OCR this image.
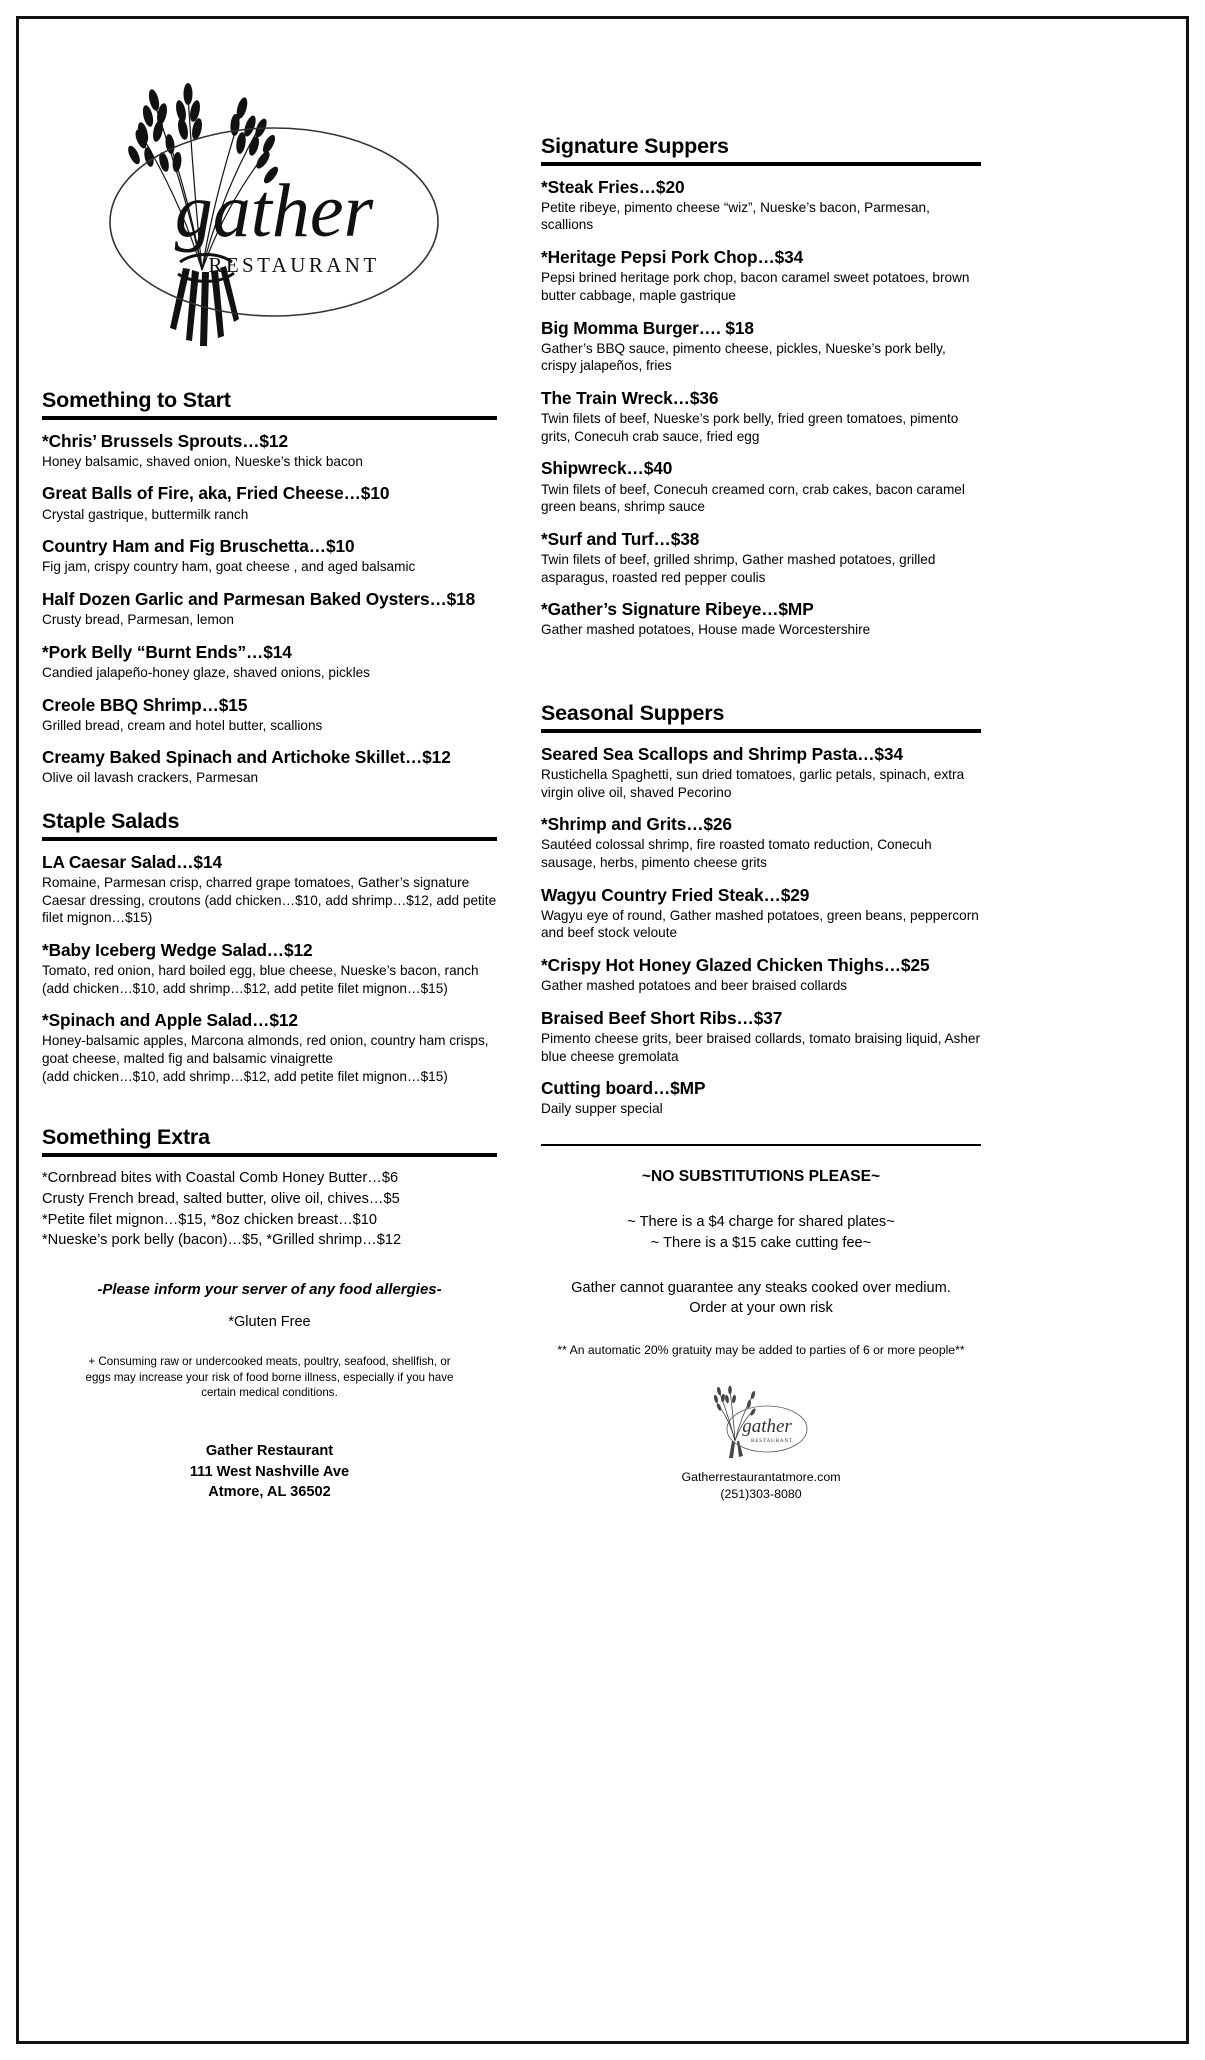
gather
RESTAURANT
Something to Start
*Chris’ Brussels Sprouts…$12
Honey balsamic, shaved onion, Nueske’s thick bacon
Great Balls of Fire, aka, Fried Cheese…$10
Crystal gastrique, buttermilk ranch
Country Ham and Fig Bruschetta…$10
Fig jam, crispy country ham, goat cheese , and aged balsamic
Half Dozen Garlic and Parmesan Baked Oysters…$18
Crusty bread, Parmesan, lemon
*Pork Belly “Burnt Ends”…$14
Candied jalapeño-honey glaze, shaved onions, pickles
Creole BBQ Shrimp…$15
Grilled bread, cream and hotel butter, scallions
Creamy Baked Spinach and Artichoke Skillet…$12
Olive oil lavash crackers, Parmesan
Staple Salads
LA Caesar Salad…$14
Romaine, Parmesan crisp, charred grape tomatoes, Gather’s signature Caesar dressing, croutons (add chicken…$10, add shrimp…$12, add petite filet mignon…$15)
*Baby Iceberg Wedge Salad…$12
Tomato, red onion, hard boiled egg, blue cheese, Nueske’s bacon, ranch
(add chicken…$10, add shrimp…$12, add petite filet mignon…$15)
*Spinach and Apple Salad…$12
Honey-balsamic apples, Marcona almonds, red onion, country ham crisps, goat cheese, malted fig and balsamic vinaigrette
(add chicken…$10, add shrimp…$12, add petite filet mignon…$15)
Something Extra
*Cornbread bites with Coastal Comb Honey Butter…$6
Crusty French bread, salted butter, olive oil, chives…$5
*Petite filet mignon…$15, *8oz chicken breast…$10
*Nueske’s pork belly (bacon)…$5, *Grilled shrimp…$12
-Please inform your server of any food allergies-
*Gluten Free
+ Consuming raw or undercooked meats, poultry, seafood, shellfish, or eggs may increase your risk of food borne illness, especially if you have certain medical conditions.
Gather Restaurant
111 West Nashville Ave
Atmore, AL 36502
Signature Suppers
*Steak Fries…$20
Petite ribeye, pimento cheese “wiz”, Nueske’s bacon, Parmesan, scallions
*Heritage Pepsi Pork Chop…$34
Pepsi brined heritage pork chop, bacon caramel sweet potatoes, brown butter cabbage, maple gastrique
Big Momma Burger…. $18
Gather’s BBQ sauce, pimento cheese, pickles, Nueske’s pork belly, crispy jalapeños, fries
The Train Wreck…$36
Twin filets of beef, Nueske’s pork belly, fried green tomatoes, pimento grits, Conecuh crab sauce, fried egg
Shipwreck…$40
Twin filets of beef, Conecuh creamed corn, crab cakes, bacon caramel green beans, shrimp sauce
*Surf and Turf…$38
Twin filets of beef, grilled shrimp, Gather mashed potatoes, grilled asparagus, roasted red pepper coulis
*Gather’s Signature Ribeye…$MP
Gather mashed potatoes, House made Worcestershire
Seasonal Suppers
Seared Sea Scallops and Shrimp Pasta…$34
Rustichella Spaghetti, sun dried tomatoes, garlic petals, spinach, extra virgin olive oil, shaved Pecorino
*Shrimp and Grits…$26
Sautéed colossal shrimp, fire roasted tomato reduction, Conecuh sausage, herbs, pimento cheese grits
Wagyu Country Fried Steak…$29
Wagyu eye of round, Gather mashed potatoes, green beans, peppercorn and beef stock veloute
*Crispy Hot Honey Glazed Chicken Thighs…$25
Gather mashed potatoes and beer braised collards
Braised Beef Short Ribs…$37
Pimento cheese grits, beer braised collards, tomato braising liquid, Asher blue cheese gremolata
Cutting board…$MP
Daily supper special
~NO SUBSTITUTIONS PLEASE~
~ There is a $4 charge for shared plates~
~ There is a $15 cake cutting fee~
Gather cannot guarantee any steaks cooked over medium. Order at your own risk
** An automatic 20% gratuity may be added to parties of 6 or more people**
gather
RESTAURANT
Gatherrestaurantatmore.com
(251)303-8080
